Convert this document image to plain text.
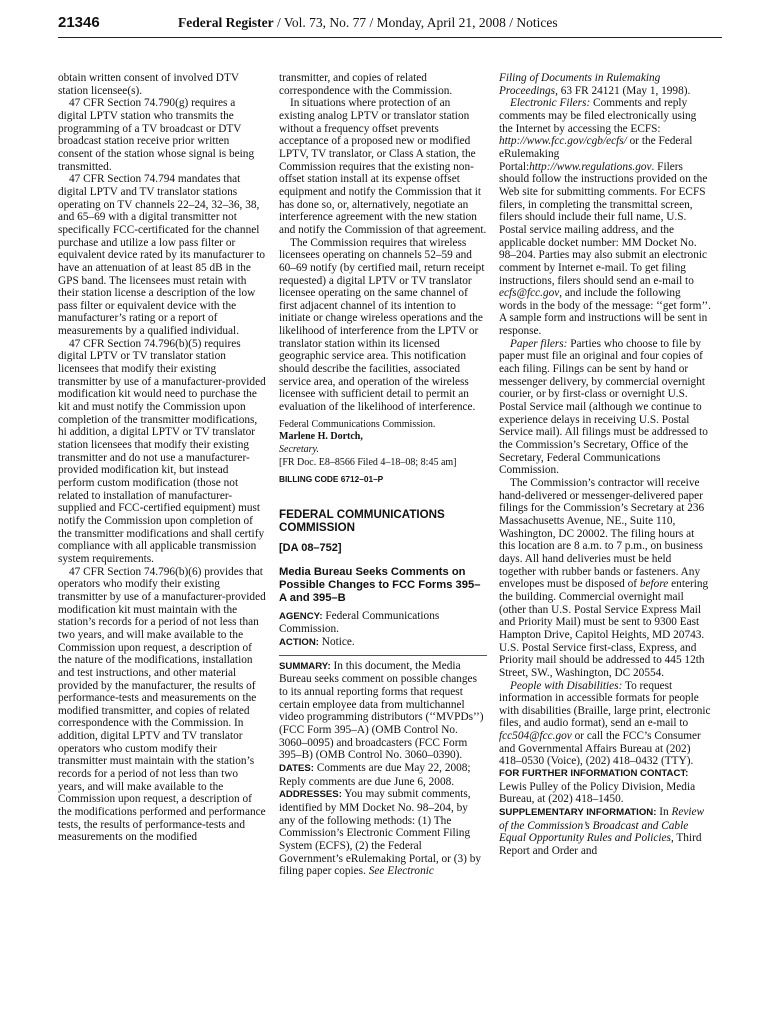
21346	Federal Register / Vol. 73, No. 77 / Monday, April 21, 2008 / Notices

obtain written consent of involved DTV station licensee(s).

47 CFR Section 74.790(g) requires a digital LPTV station who transmits the programming of a TV broadcast or DTV broadcast station receive prior written consent of the station whose signal is being transmitted.

47 CFR Section 74.794 mandates that digital LPTV and TV translator stations operating on TV channels 22–24, 32–36, 38, and 65–69 with a digital transmitter not specifically FCC-certificated for the channel purchase and utilize a low pass filter or equivalent device rated by its manufacturer to have an attenuation of at least 85 dB in the GPS band. The licensees must retain with their station license a description of the low pass filter or equivalent device with the manufacturer’s rating or a report of measurements by a qualified individual.

47 CFR Section 74.796(b)(5) requires digital LPTV or TV translator station licensees that modify their existing transmitter by use of a manufacturer-provided modification kit would need to purchase the kit and must notify the Commission upon completion of the transmitter modifications, hi addition, a digital LPTV or TV translator station licensees that modify their existing transmitter and do not use a manufacturer-provided modification kit, but instead perform custom modification (those not related to installation of manufacturer-supplied and FCC-certified equipment) must notify the Commission upon completion of the transmitter modifications and shall certify compliance with all applicable transmission system requirements.

47 CFR Section 74.796(b)(6) provides that operators who modify their existing transmitter by use of a manufacturer-provided modification kit must maintain with the station’s records for a period of not less than two years, and will make available to the Commission upon request, a description of the nature of the modifications, installation and test instructions, and other material provided by the manufacturer, the results of performance-tests and measurements on the modified transmitter, and copies of related correspondence with the Commission. In addition, digital LPTV and TV translator operators who custom modify their transmitter must maintain with the station’s records for a period of not less than two years, and will make available to the Commission upon request, a description of the modifications performed and performance tests, the results of performance-tests and measurements on the modified

transmitter, and copies of related correspondence with the Commission.

In situations where protection of an existing analog LPTV or translator station without a frequency offset prevents acceptance of a proposed new or modified LPTV, TV translator, or Class A station, the Commission requires that the existing non-offset station install at its expense offset equipment and notify the Commission that it has done so, or, alternatively, negotiate an interference agreement with the new station and notify the Commission of that agreement.

The Commission requires that wireless licensees operating on channels 52–59 and 60–69 notify (by certified mail, return receipt requested) a digital LPTV or TV translator licensee operating on the same channel of first adjacent channel of its intention to initiate or change wireless operations and the likelihood of interference from the LPTV or translator station within its licensed geographic service area. This notification should describe the facilities, associated service area, and operation of the wireless licensee with sufficient detail to permit an evaluation of the likelihood of interference.

Federal Communications Commission.

Marlene H. Dortch,

Secretary.

[FR Doc. E8–8566 Filed 4–18–08; 8:45 am]

BILLING CODE 6712–01–P

FEDERAL COMMUNICATIONS COMMISSION

[DA 08–752]

Media Bureau Seeks Comments on Possible Changes to FCC Forms 395–A and 395–B

AGENCY: Federal Communications Commission.

ACTION: Notice.

SUMMARY: In this document, the Media Bureau seeks comment on possible changes to its annual reporting forms that request certain employee data from multichannel video programming distributors (‘‘MVPDs’’) (FCC Form 395–A) (OMB Control No. 3060–0095) and broadcasters (FCC Form 395–B) (OMB Control No. 3060–0390).

DATES: Comments are due May 22, 2008; Reply comments are due June 6, 2008.

ADDRESSES: You may submit comments, identified by MM Docket No. 98–204, by any of the following methods: (1) The Commission’s Electronic Comment Filing System (ECFS), (2) the Federal Government’s eRulemaking Portal, or (3) by filing paper copies. See Electronic

Filing of Documents in Rulemaking Proceedings, 63 FR 24121 (May 1, 1998).

Electronic Filers: Comments and reply comments may be filed electronically using the Internet by accessing the ECFS: http://www.fcc.gov/cgb/ecfs/ or the Federal eRulemaking Portal:http://www.regulations.gov. Filers should follow the instructions provided on the Web site for submitting comments. For ECFS filers, in completing the transmittal screen, filers should include their full name, U.S. Postal service mailing address, and the applicable docket number: MM Docket No. 98–204. Parties may also submit an electronic comment by Internet e-mail. To get filing instructions, filers should send an e-mail to ecfs@fcc.gov, and include the following words in the body of the message: ‘‘get form’’. A sample form and instructions will be sent in response.

Paper filers: Parties who choose to file by paper must file an original and four copies of each filing. Filings can be sent by hand or messenger delivery, by commercial overnight courier, or by first-class or overnight U.S. Postal Service mail (although we continue to experience delays in receiving U.S. Postal Service mail). All filings must be addressed to the Commission’s Secretary, Office of the Secretary, Federal Communications Commission.

The Commission’s contractor will receive hand-delivered or messenger-delivered paper filings for the Commission’s Secretary at 236 Massachusetts Avenue, NE., Suite 110, Washington, DC 20002. The filing hours at this location are 8 a.m. to 7 p.m., on business days. All hand deliveries must be held together with rubber bands or fasteners. Any envelopes must be disposed of before entering the building. Commercial overnight mail (other than U.S. Postal Service Express Mail and Priority Mail) must be sent to 9300 East Hampton Drive, Capitol Heights, MD 20743. U.S. Postal Service first-class, Express, and Priority mail should be addressed to 445 12th Street, SW., Washington, DC 20554.

People with Disabilities: To request information in accessible formats for people with disabilities (Braille, large print, electronic files, and audio format), send an e-mail to fcc504@fcc.gov or call the FCC’s Consumer and Governmental Affairs Bureau at (202) 418–0530 (Voice), (202) 418–0432 (TTY).

FOR FURTHER INFORMATION CONTACT:

Lewis Pulley of the Policy Division, Media Bureau, at (202) 418–1450.

SUPPLEMENTARY INFORMATION: In Review of the Commission’s Broadcast and Cable Equal Opportunity Rules and Policies, Third Report and Order and
